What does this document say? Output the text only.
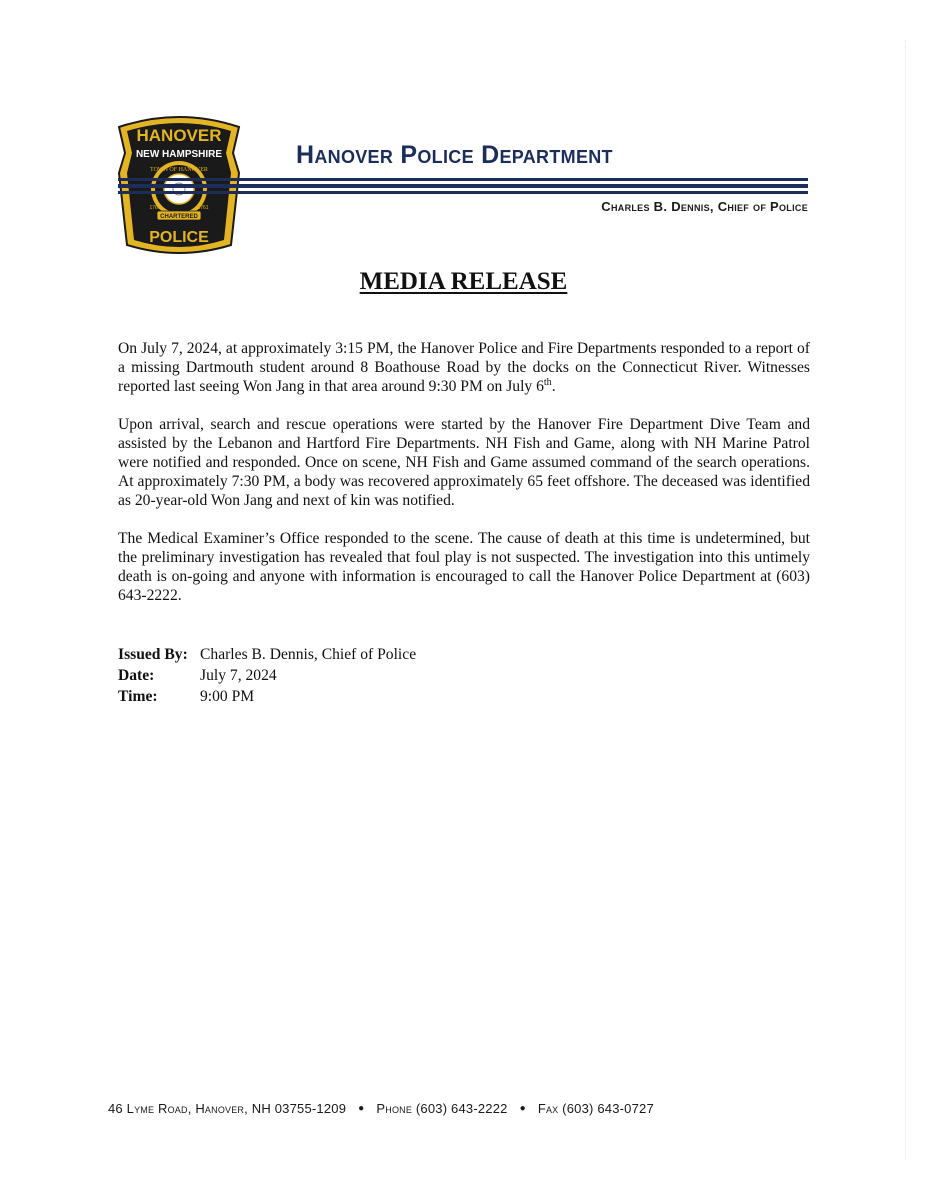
HANOVER
NEW HAMPSHIRE
TOWN OF HANOVER
1761	1761
CHARTERED
POLICE
Hanover Police Department
Charles B. Dennis, Chief of Police
MEDIA RELEASE

On July 7, 2024, at approximately 3:15 PM, the Hanover Police and Fire Departments responded to a report of a missing Dartmouth student around 8 Boathouse Road by the docks on the Connecticut River. Witnesses reported last seeing Won Jang in that area around 9:30 PM on July 6th.

Upon arrival, search and rescue operations were started by the Hanover Fire Department Dive Team and assisted by the Lebanon and Hartford Fire Departments. NH Fish and Game, along with NH Marine Patrol were notified and responded. Once on scene, NH Fish and Game assumed command of the search operations. At approximately 7:30 PM, a body was recovered approximately 65 feet offshore. The deceased was identified as 20-year-old Won Jang and next of kin was notified.

The Medical Examiner’s Office responded to the scene. The cause of death at this time is undetermined, but the preliminary investigation has revealed that foul play is not suspected. The investigation into this untimely death is on-going and anyone with information is encouraged to call the Hanover Police Department at (603) 643-2222.

Issued By: Charles B. Dennis, Chief of Police
Date:	July 7, 2024
Time:	9:00 PM
46 Lyme Road, Hanover, NH 03755-1209 ● Phone (603) 643-2222 ● Fax (603) 643-0727
